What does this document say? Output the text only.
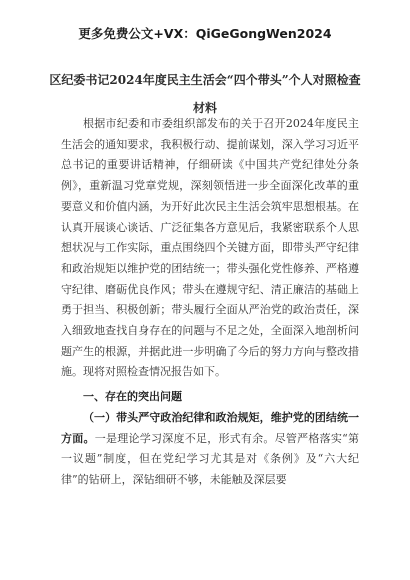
更多免费公文+VX：QiGeGongWen2024
区纪委书记2024年度民主生活会“四个带头”个人对照检查材料

根据市纪委和市委组织部发布的关于召开2024年度民主生活会的通知要求，我积极行动、提前谋划，深入学习习近平总书记的重要讲话精神，仔细研读《中国共产党纪律处分条例》，重新温习党章党规，深刻领悟进一步全面深化改革的重要意义和价值内涵，为开好此次民主生活会筑牢思想根基。在认真开展谈心谈话、广泛征集各方意见后，我紧密联系个人思想状况与工作实际，重点围绕四个关键方面，即带头严守纪律和政治规矩以维护党的团结统一；带头强化党性修养、严格遵守纪律、磨砺优良作风；带头在遵规守纪、清正廉洁的基础上勇于担当、积极创新；带头履行全面从严治党的政治责任，深入细致地查找自身存在的问题与不足之处，全面深入地剖析问题产生的根源，并据此进一步明确了今后的努力方向与整改措施。现将对照检查情况报告如下。

一、存在的突出问题

（一）带头严守政治纪律和政治规矩，维护党的团结统一方面。一是理论学习深度不足，形式有余。尽管严格落实“第一议题”制度，但在党纪学习尤其是对《条例》及“六大纪律”的钻研上，深钻细研不够，未能触及深层要
